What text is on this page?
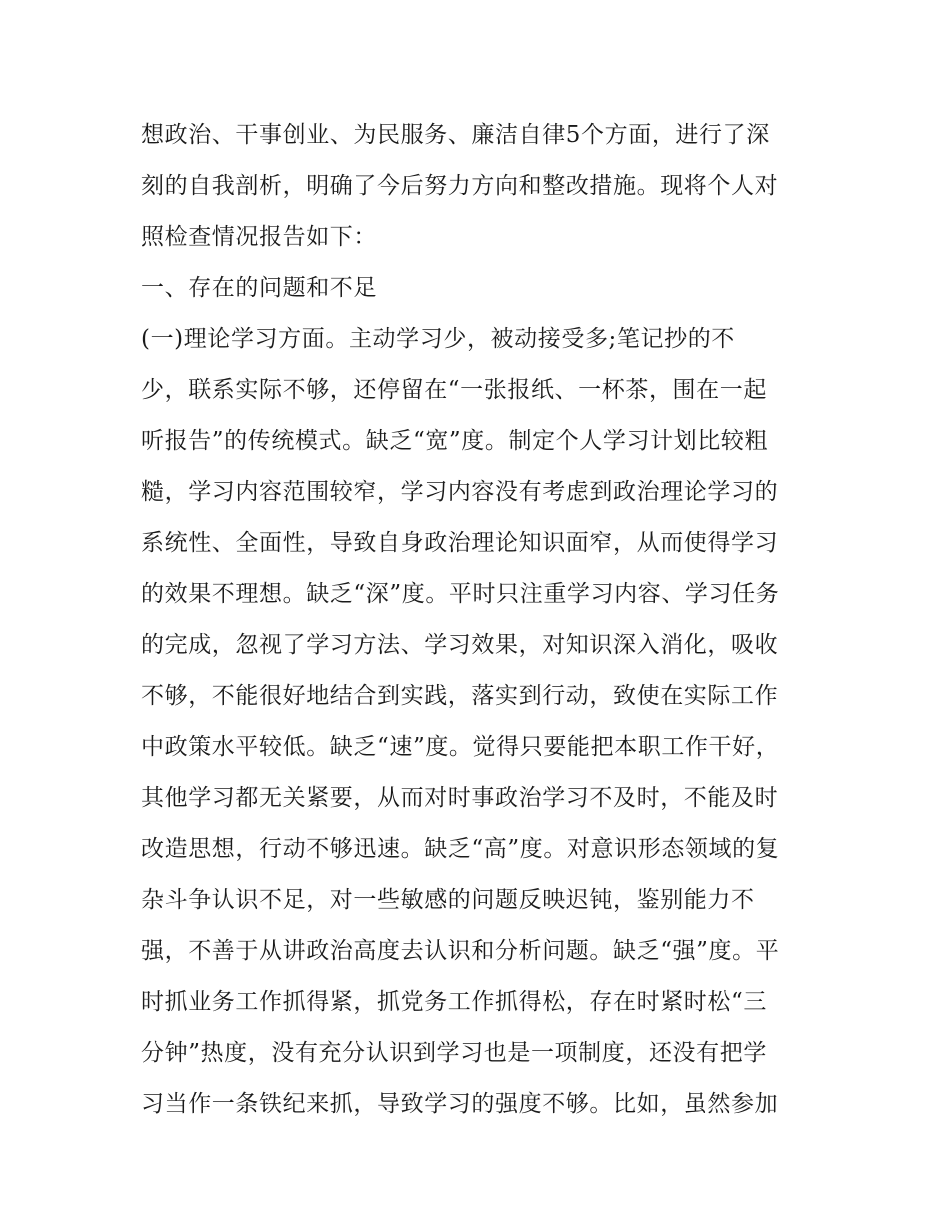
想政治、干事创业、为民服务、廉洁自律5个方面，进行了深
刻的自我剖析，明确了今后努力方向和整改措施。现将个人对
照检查情况报告如下：
一、存在的问题和不足
(一)理论学习方面。主动学习少，被动接受多;笔记抄的不
少，联系实际不够，还停留在“一张报纸、一杯茶，围在一起
听报告”的传统模式。缺乏“宽”度。制定个人学习计划比较粗
糙，学习内容范围较窄，学习内容没有考虑到政治理论学习的
系统性、全面性，导致自身政治理论知识面窄，从而使得学习
的效果不理想。缺乏“深”度。平时只注重学习内容、学习任务
的完成，忽视了学习方法、学习效果，对知识深入消化，吸收
不够，不能很好地结合到实践，落实到行动，致使在实际工作
中政策水平较低。缺乏“速”度。觉得只要能把本职工作干好，
其他学习都无关紧要，从而对时事政治学习不及时，不能及时
改造思想，行动不够迅速。缺乏“高”度。对意识形态领域的复
杂斗争认识不足，对一些敏感的问题反映迟钝，鉴别能力不
强，不善于从讲政治高度去认识和分析问题。缺乏“强”度。平
时抓业务工作抓得紧，抓党务工作抓得松，存在时紧时松“三
分钟”热度，没有充分认识到学习也是一项制度，还没有把学
习当作一条铁纪来抓，导致学习的强度不够。比如，虽然参加
